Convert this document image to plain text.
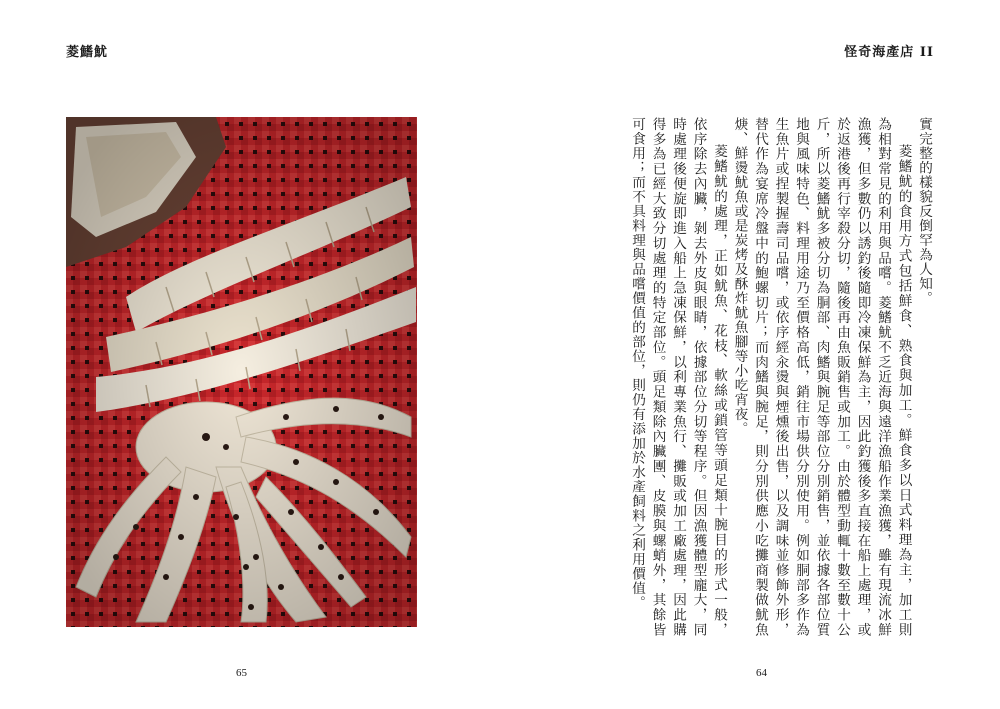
菱鰭魷
65
怪奇海產店 II

實完整的樣貌反倒罕為人知。

菱鰭魷的食用方式包括鮮食、熟食與加工。鮮食多以日式料理為主，加工則為相對常見的利用與品嚐。菱鰭魷不乏近海與遠洋漁船作業漁獲，雖有現流冰鮮漁獲，但多數仍以誘釣後隨即冷凍保鮮為主，因此釣獲後多直接在船上處理，或於返港後再行宰殺分切，隨後再由魚販銷售或加工。由於體型動輒十數至數十公斤，所以菱鰭魷多被分切為胴部、肉鰭與腕足等部位分別銷售，並依據各部位質地與風味特色、料理用途乃至價格高低，銷往市場供分別使用。例如胴部多作為生魚片或捏製握壽司品嚐，或依序經汆燙與煙燻後出售，以及調味並修飾外形，替代作為宴席冷盤中的鮑螺切片；而肉鰭與腕足，則分別供應小吃攤商製做魷魚焿、鮮燙魷魚或是炭烤及酥炸魷魚腳等小吃宵夜。

菱鰭魷的處理，正如魷魚、花枝、軟絲或鎖管等頭足類十腕目的形式一般，依序除去內臟，剝去外皮與眼睛，依據部位分切等程序。但因漁獲體型龐大，同時處理後便旋即進入船上急凍保鮮，以利專業魚行、攤販或加工廠處理，因此購得多為已經大致分切處理的特定部位。頭足類除內臟團、皮膜與螺蛸外，其餘皆可食用；而不具料理與品嚐價值的部位，則仍有添加於水產飼料之利用價值。

64
